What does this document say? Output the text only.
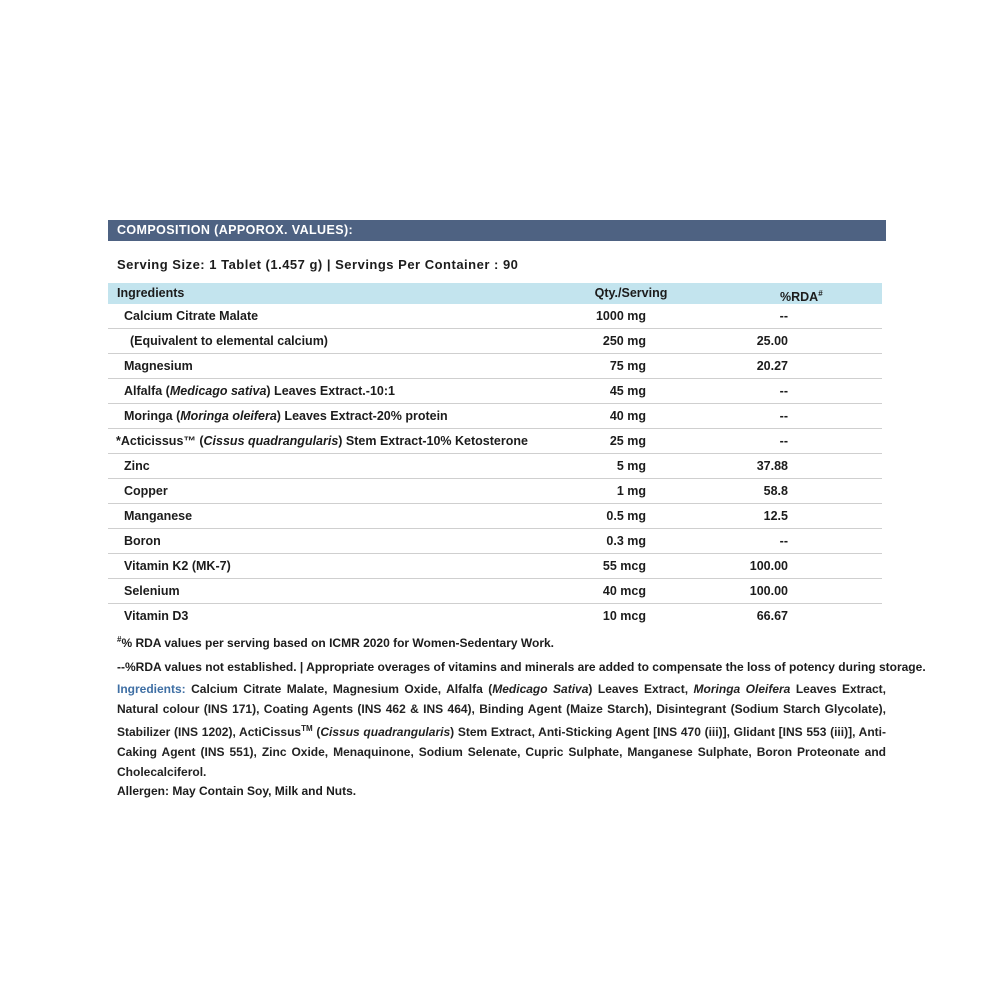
COMPOSITION (APPOROX. VALUES):
Serving Size: 1 Tablet (1.457 g) | Servings Per Container : 90
Ingredients	Qty./Serving	%RDA#
Calcium Citrate Malate	1000 mg	--
(Equivalent to elemental calcium)	250 mg	25.00
Magnesium	75 mg	20.27
Alfalfa (Medicago sativa) Leaves Extract.-10:1	45 mg	--
Moringa (Moringa oleifera) Leaves Extract-20% protein	40 mg	--
*Acticissus™ (Cissus quadrangularis) Stem Extract-10% Ketosterone	25 mg	--
Zinc	5 mg	37.88
Copper	1 mg	58.8
Manganese	0.5 mg	12.5
Boron	0.3 mg	--
Vitamin K2 (MK-7)	55 mcg	100.00
Selenium	40 mcg	100.00
Vitamin D3	10 mcg	66.67
#% RDA values per serving based on ICMR 2020 for Women-Sedentary Work.
--%RDA values not established. | Appropriate overages of vitamins and minerals are added to compensate the loss of potency during storage.
Ingredients: Calcium Citrate Malate, Magnesium Oxide, Alfalfa (Medicago Sativa) Leaves Extract, Moringa Oleifera Leaves Extract, Natural colour (INS 171), Coating Agents (INS 462 & INS 464), Binding Agent (Maize Starch), Disintegrant (Sodium Starch Glycolate), Stabilizer (INS 1202), ActiCissus™ (Cissus quadrangularis) Stem Extract, Anti-Sticking Agent [INS 470 (iii)], Glidant [INS 553 (iii)], Anti-Caking Agent (INS 551), Zinc Oxide, Menaquinone, Sodium Selenate, Cupric Sulphate, Manganese Sulphate, Boron Proteonate and Cholecalciferol.
Allergen: May Contain Soy, Milk and Nuts.
